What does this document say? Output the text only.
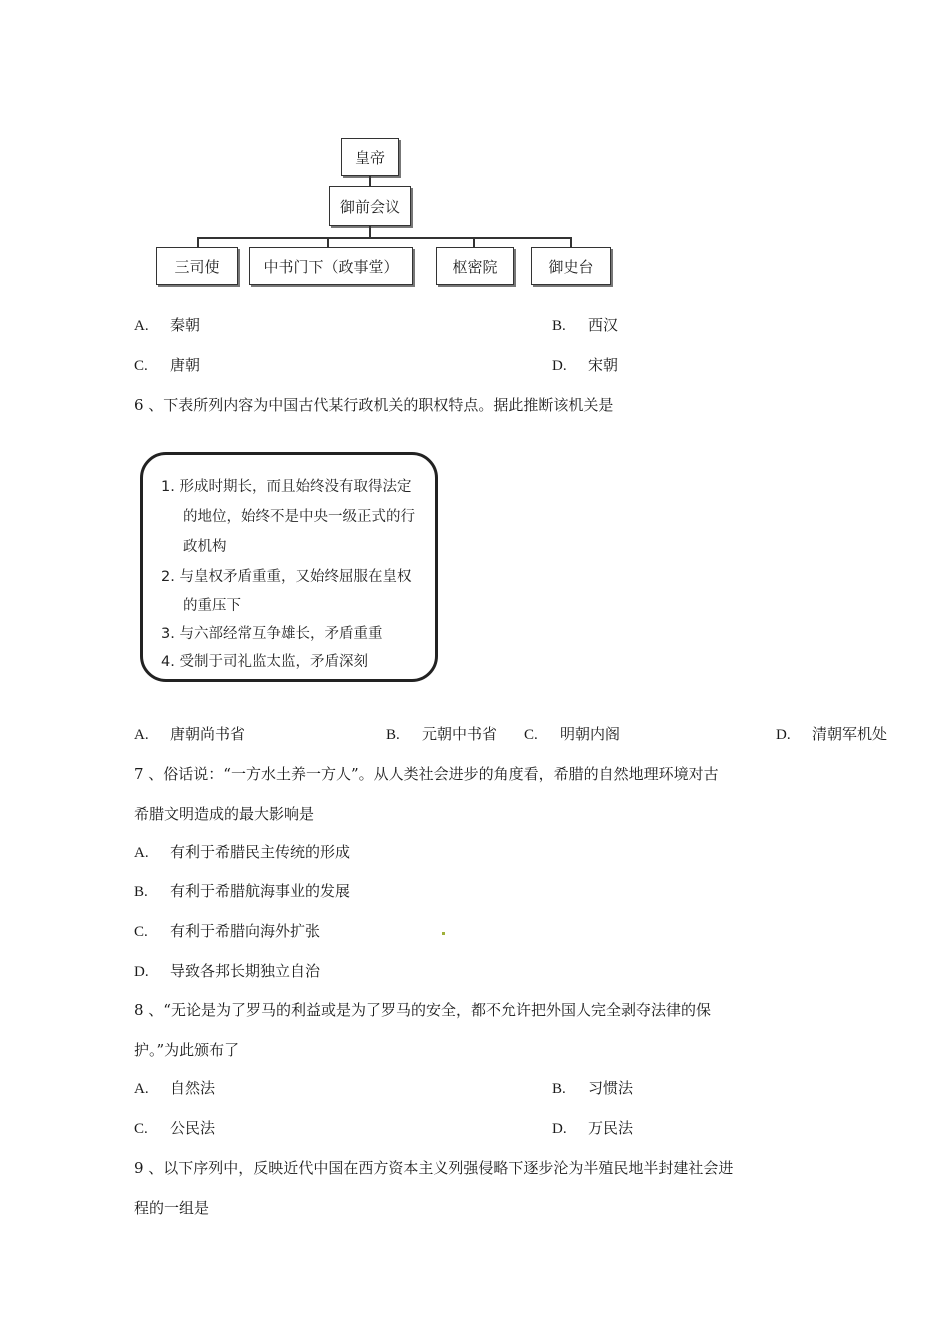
皇帝
御前会议
三司使	中书门下（政事堂）	枢密院	御史台
A. 秦朝	B. 西汉
C. 唐朝	D. 宋朝
6 、下表所列内容为中国古代某行政机关的职权特点。据此推断该机关是
1. 形成时期长，而且始终没有取得法定
的地位，始终不是中央一级正式的行
政机构
2. 与皇权矛盾重重，又始终屈服在皇权
的重压下
3. 与六部经常互争雄长，矛盾重重
4. 受制于司礼监太监，矛盾深刻
A. 唐朝尚书省	B. 元朝中书省 C. 明朝内阁	D. 清朝军机处
7 、俗话说：“一方水土养一方人”。从人类社会进步的角度看，希腊的自然地理环境对古
希腊文明造成的最大影响是
A. 有利于希腊民主传统的形成
B. 有利于希腊航海事业的发展
C. 有利于希腊向海外扩张
D. 导致各邦长期独立自治
8 、“无论是为了罗马的利益或是为了罗马的安全，都不允许把外国人完全剥夺法律的保
护。”为此颁布了
A. 自然法	B. 习惯法
C. 公民法	D. 万民法
9 、以下序列中，反映近代中国在西方资本主义列强侵略下逐步沦为半殖民地半封建社会进
程的一组是
